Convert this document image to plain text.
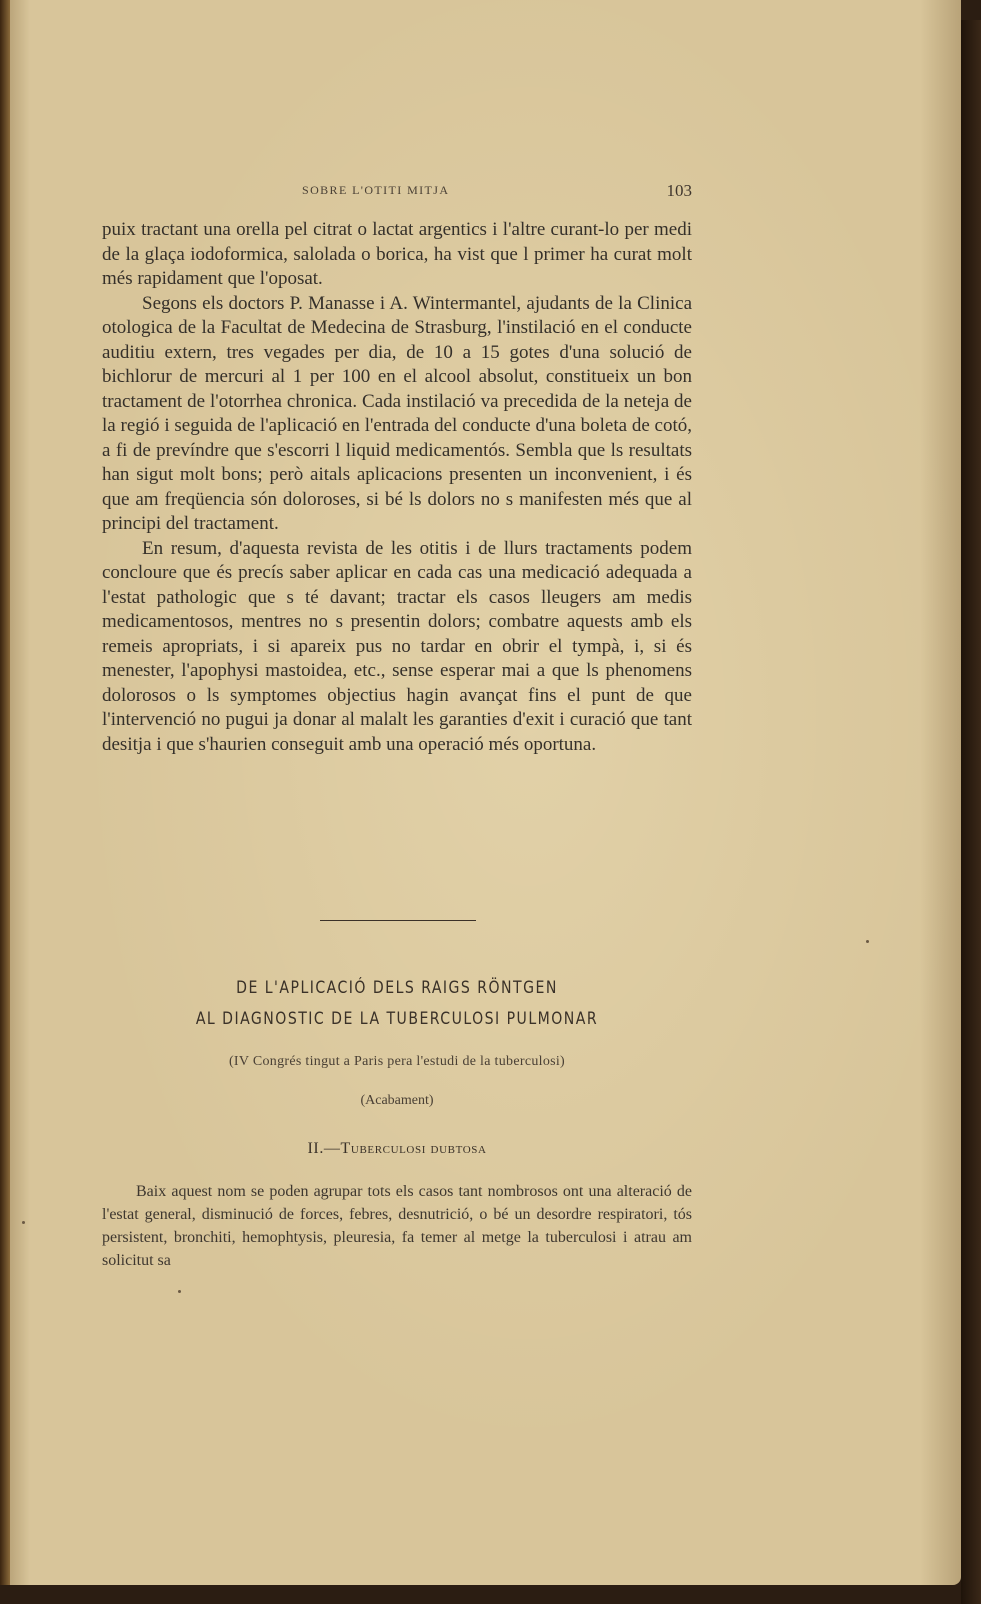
SOBRE L'OTITI MITJA	103

puix tractant una orella pel citrat o lactat argentics i l'altre curant-lo per medi de la glaça iodoformica, salolada o borica, ha vist que l primer ha curat molt més rapidament que l'oposat.

Segons els doctors P. Manasse i A. Wintermantel, ajudants de la Clinica otologica de la Facultat de Medecina de Strasburg, l'instilació en el conducte auditiu extern, tres vegades per dia, de 10 a 15 gotes d'una solució de bichlorur de mercuri al 1 per 100 en el alcool absolut, constitueix un bon tractament de l'otorrhea chronica. Cada instilació va precedida de la neteja de la regió i seguida de l'aplicació en l'entrada del conducte d'una boleta de cotó, a fi de prevíndre que s'escorri l liquid medicamentós. Sembla que ls resultats han sigut molt bons; però aitals aplicacions presenten un inconvenient, i és que am freqüencia són doloroses, si bé ls dolors no s manifesten més que al principi del tractament.

En resum, d'aquesta revista de les otitis i de llurs tractaments podem concloure que és precís saber aplicar en cada cas una medicació adequada a l'estat pathologic que s té davant; tractar els casos lleugers am medis medicamentosos, mentres no s presentin dolors; combatre aquests amb els remeis apropriats, i si apareix pus no tardar en obrir el tympà, i, si és menester, l'apophysi mastoidea, etc., sense esperar mai a que ls phenomens dolorosos o ls symptomes objectius hagin avançat fins el punt de que l'intervenció no pugui ja donar al malalt les garanties d'exit i curació que tant desitja i que s'haurien conseguit amb una operació més oportuna.

DE L'APLICACIÓ DELS RAIGS RÖNTGEN
AL DIAGNOSTIC DE LA TUBERCULOSI PULMONAR
(IV Congrés tingut a Paris pera l'estudi de la tuberculosi)
(Acabament)
II.—Tuberculosi dubtosa

Baix aquest nom se poden agrupar tots els casos tant nombrosos ont una alteració de l'estat general, disminució de forces, febres, desnutrició, o bé un desordre respiratori, tós persistent, bronchiti, hemophtysis, pleuresia, fa temer al metge la tuberculosi i atrau am solicitut sa
